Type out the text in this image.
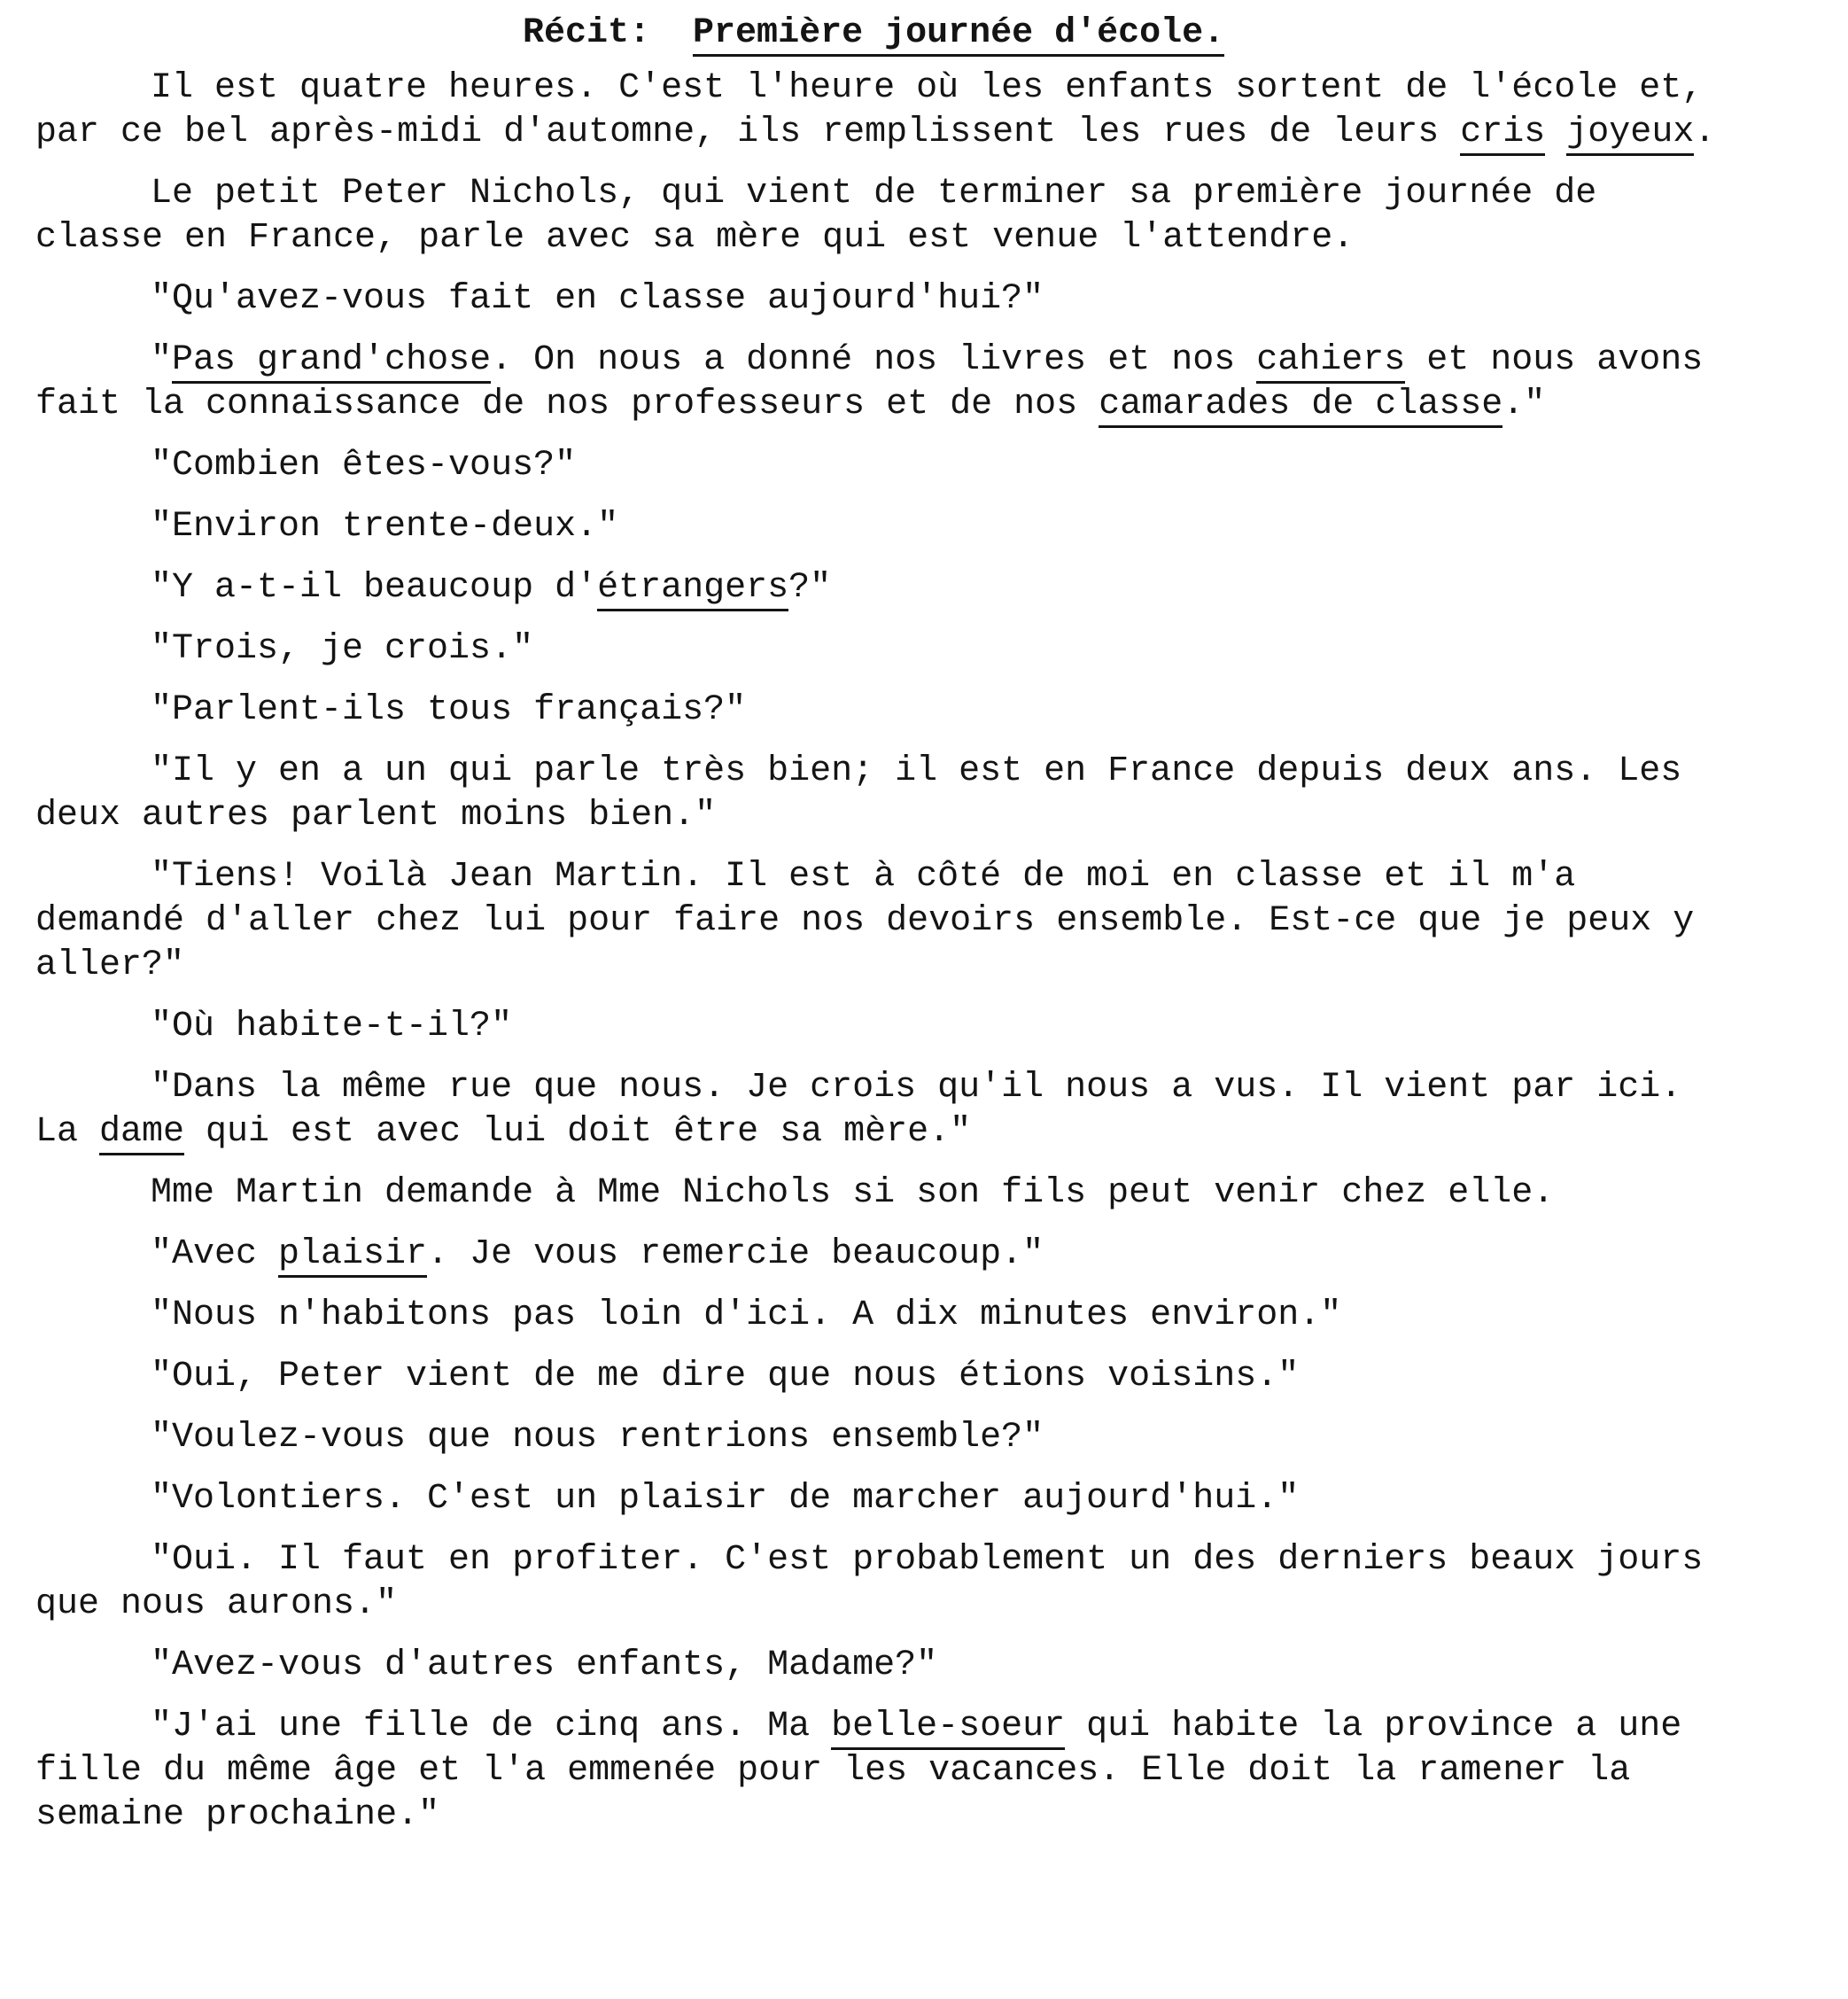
Récit: Première journée d'école.
Il est quatre heures. C'est l'heure où les enfants sortent de l'école et,
par ce bel après-midi d'automne, ils remplissent les rues de leurs cris joyeux.
Le petit Peter Nichols, qui vient de terminer sa première journée de
classe en France, parle avec sa mère qui est venue l'attendre.
"Qu'avez-vous fait en classe aujourd'hui?"
"Pas grand'chose. On nous a donné nos livres et nos cahiers et nous avons
fait la connaissance de nos professeurs et de nos camarades de classe."
"Combien êtes-vous?"
"Environ trente-deux."
"Y a-t-il beaucoup d'étrangers?"
"Trois, je crois."
"Parlent-ils tous français?"
"Il y en a un qui parle très bien; il est en France depuis deux ans. Les
deux autres parlent moins bien."
"Tiens! Voilà Jean Martin. Il est à côté de moi en classe et il m'a
demandé d'aller chez lui pour faire nos devoirs ensemble. Est-ce que je peux y
aller?"
"Où habite-t-il?"
"Dans la même rue que nous. Je crois qu'il nous a vus. Il vient par ici.
La dame qui est avec lui doit être sa mère."
Mme Martin demande à Mme Nichols si son fils peut venir chez elle.
"Avec plaisir. Je vous remercie beaucoup."
"Nous n'habitons pas loin d'ici. A dix minutes environ."
"Oui, Peter vient de me dire que nous étions voisins."
"Voulez-vous que nous rentrions ensemble?"
"Volontiers. C'est un plaisir de marcher aujourd'hui."
"Oui. Il faut en profiter. C'est probablement un des derniers beaux jours
que nous aurons."
"Avez-vous d'autres enfants, Madame?"
"J'ai une fille de cinq ans. Ma belle-soeur qui habite la province a une
fille du même âge et l'a emmenée pour les vacances. Elle doit la ramener la
semaine prochaine."
